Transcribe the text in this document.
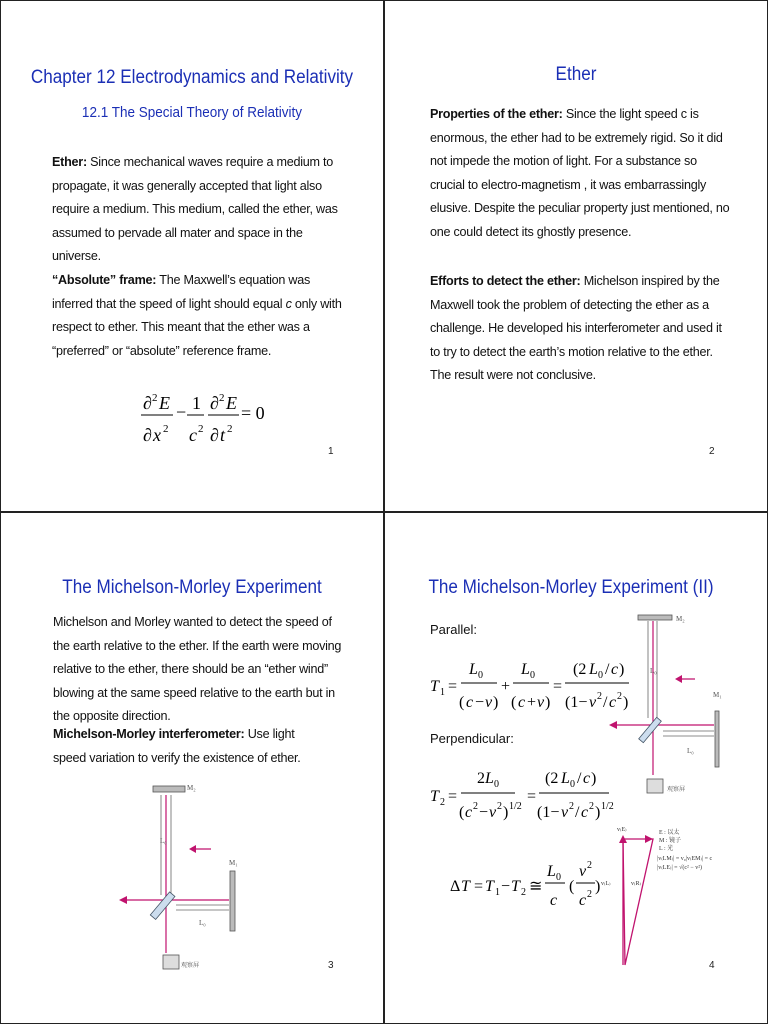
Chapter 12 Electrodynamics and Relativity
12.1 The Special Theory of Relativity
Ether: Since mechanical waves require a medium to propagate, it was generally accepted that light also require a medium. This medium, called the ether, was assumed to pervade all mater and space in the universe.
“Absolute” frame: The Maxwell’s equation was inferred that the speed of light should equal c only with respect to ether. This meant that the ether was a “preferred” or “absolute” reference frame.
∂ 2 E
∂ x 2
− 1
c 2
∂ 2 E
∂ t 2
= 0
1
Ether
Properties of the ether: Since the light speed c is enormous, the ether had to be extremely rigid. So it did not impede the motion of light. For a substance so crucial to electro-magnetism , it was embarrassingly elusive. Despite the peculiar property just mentioned, no one could detect its ghostly presence.
Efforts to detect the ether: Michelson inspired by the Maxwell took the problem of detecting the ether as a challenge. He developed his interferometer and used it to try to detect the earth’s motion relative to the ether. The result were not conclusive.
2
The Michelson-Morley Experiment
Michelson and Morley wanted to detect the speed of the earth relative to the ether. If the earth were moving relative to the ether, there should be an “ether wind” blowing at the same speed relative to the earth but in the opposite direction.
Michelson-Morley interferometer: Use light speed variation to verify the existence of ether.
M₂
M₁
L₀
L₀
观察屏	3
The Michelson-Morley Experiment (II)
Parallel:
Perpendicular:
T 1 =
L 0
( c − v )
+
L 0
( c + v )
=
(2 L 0 / c )
(1− v 2 / c 2 )
T 2 =
2 L 0
( c 2 − v 2 ) 1/2
=
(2 L 0 / c )
(1− v 2 / c 2 ) 1/2
Δ T = T 1 − T 2 ≅
L 0
c
(
v 2
c 2 )
M₂
M₁
L₀
L₀
观察屏
v₍E₎
v₍L₎	v₍R₎
E : 以太
M : 镜子
L : 光
|v₍LM₎| = v₀|v₍EM₎| = c
|v₍LE₎| = √(c² − v²)
4
